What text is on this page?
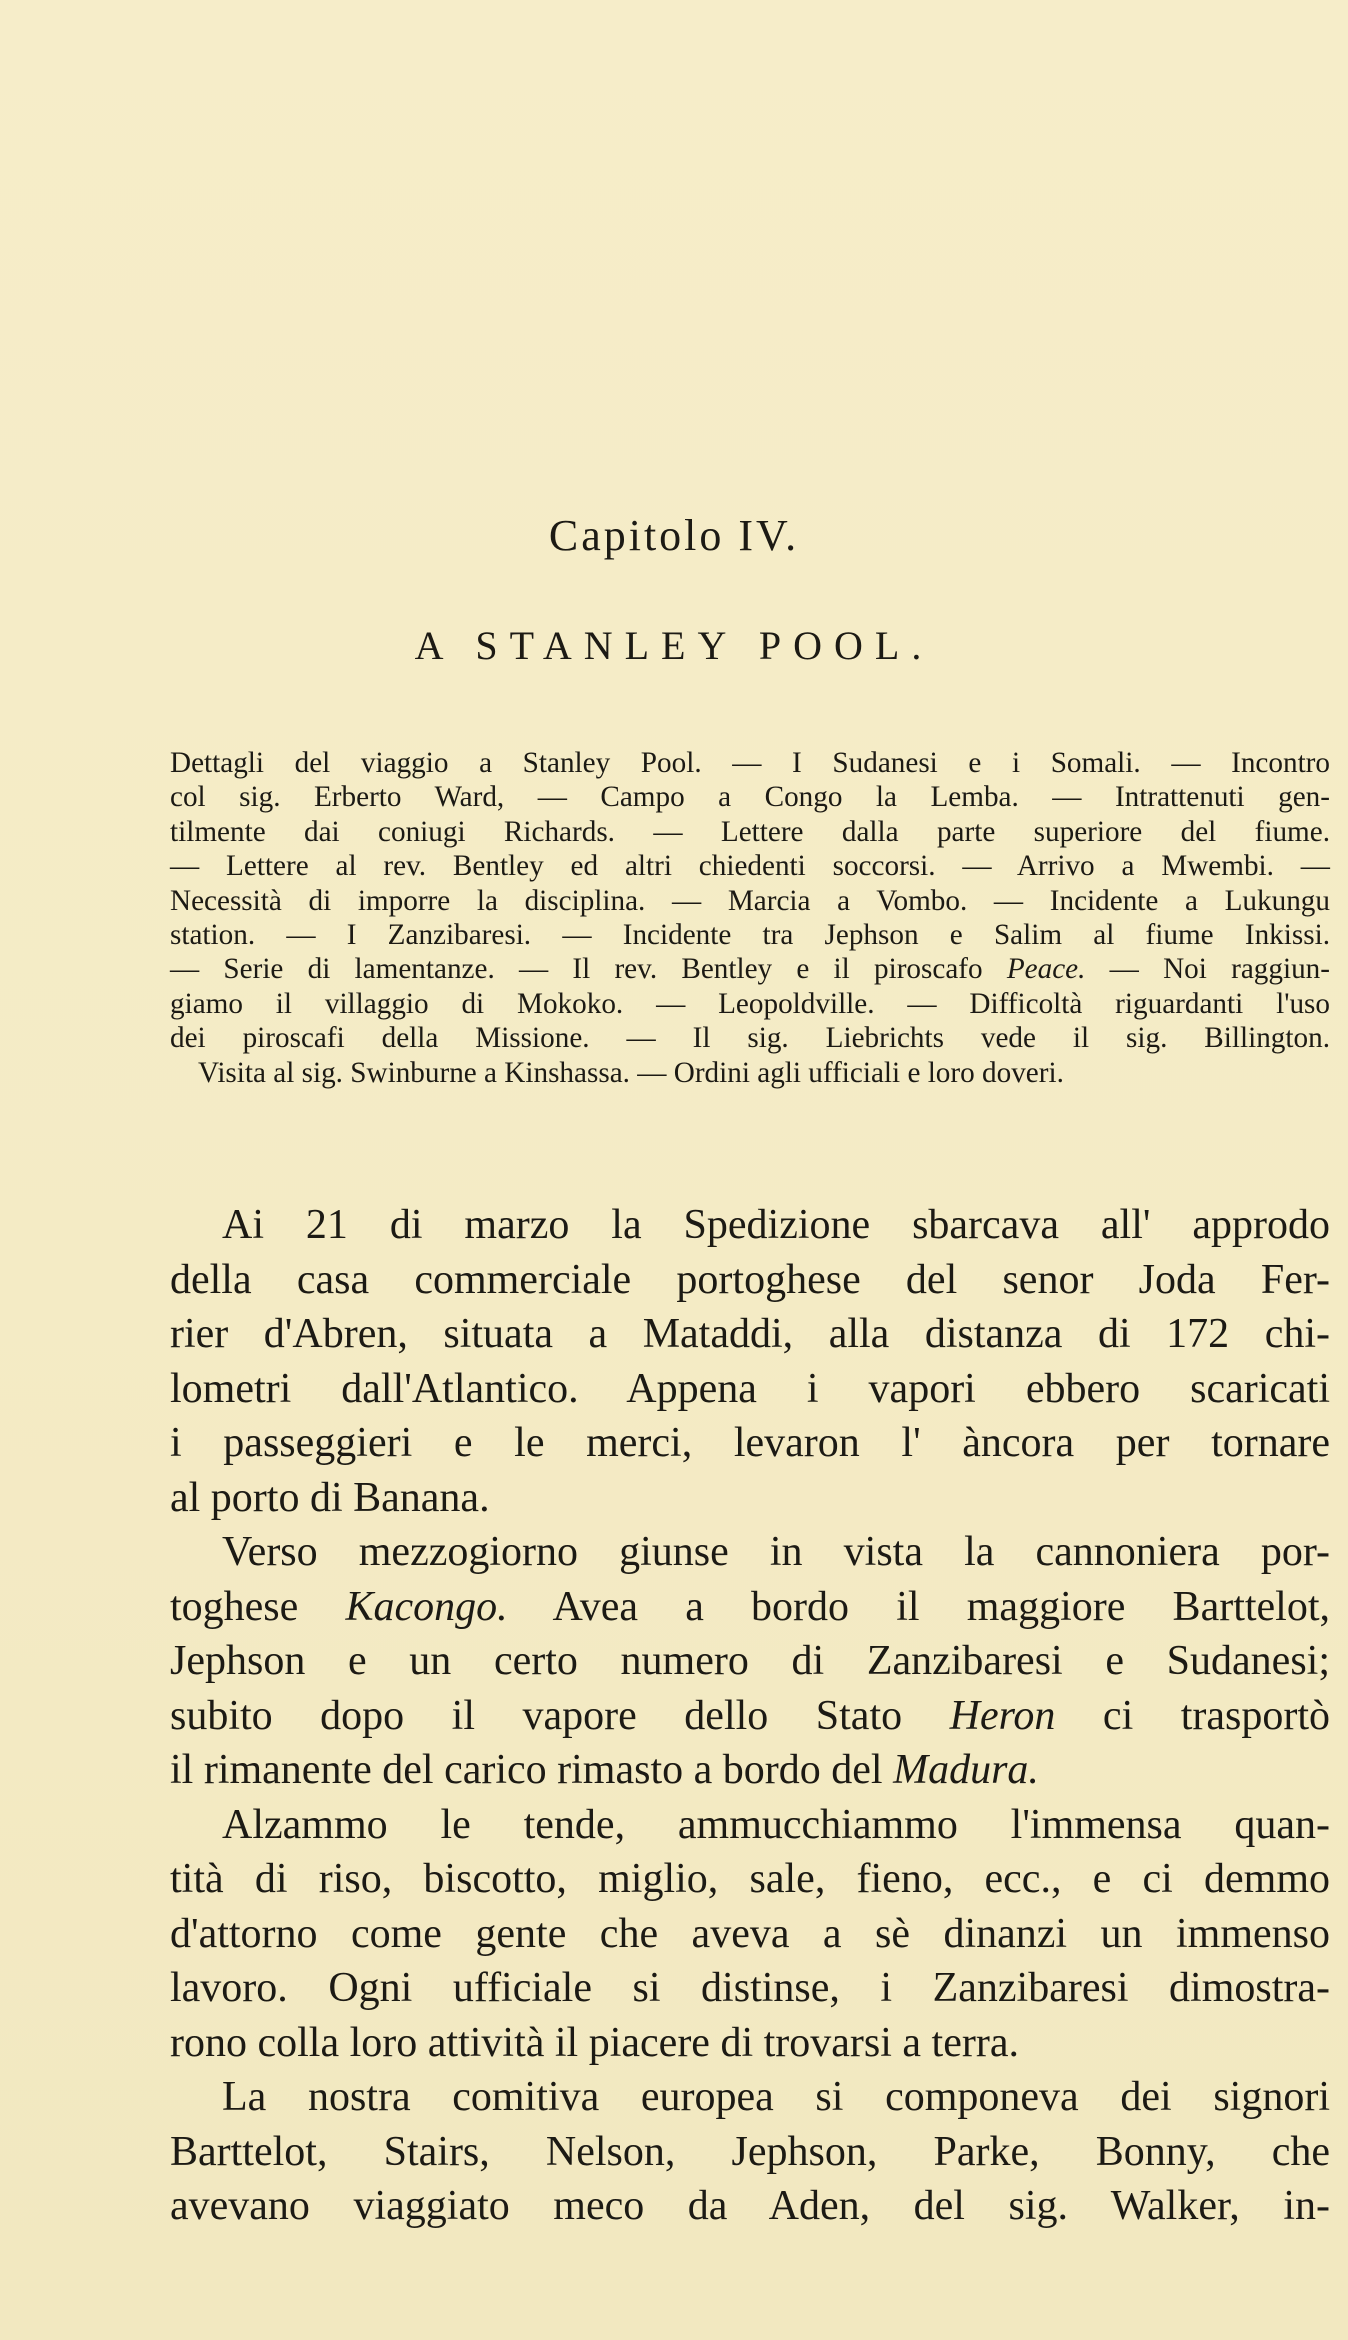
Capitolo IV.
A STANLEY POOL.
Dettagli del viaggio a Stanley Pool. — I Sudanesi e i Somali. — Incontro
col sig. Erberto Ward, — Campo a Congo la Lemba. — Intrattenuti gen-
tilmente dai coniugi Richards. — Lettere dalla parte superiore del fiume.
— Lettere al rev. Bentley ed altri chiedenti soccorsi. — Arrivo a Mwembi. —
Necessità di imporre la disciplina. — Marcia a Vombo. — Incidente a Lukungu
station. — I Zanzibaresi. — Incidente tra Jephson e Salim al fiume Inkissi.
— Serie di lamentanze. — Il rev. Bentley e il piroscafo Peace. — Noi raggiun-
giamo il villaggio di Mokoko. — Leopoldville. — Difficoltà riguardanti l'uso
dei piroscafi della Missione. — Il sig. Liebrichts vede il sig. Billington.
Visita al sig. Swinburne a Kinshassa. — Ordini agli ufficiali e loro doveri.
Ai 21 di marzo la Spedizione sbarcava all' approdo
della casa commerciale portoghese del senor Joda Fer-
rier d'Abren, situata a Mataddi, alla distanza di 172 chi-
lometri dall'Atlantico. Appena i vapori ebbero scaricati
i passeggieri e le merci, levaron l' àncora per tornare
al porto di Banana.
Verso mezzogiorno giunse in vista la cannoniera por-
toghese Kacongo. Avea a bordo il maggiore Barttelot,
Jephson e un certo numero di Zanzibaresi e Sudanesi;
subito dopo il vapore dello Stato Heron ci trasportò
il rimanente del carico rimasto a bordo del Madura.
Alzammo le tende, ammucchiammo l'immensa quan-
tità di riso, biscotto, miglio, sale, fieno, ecc., e ci demmo
d'attorno come gente che aveva a sè dinanzi un immenso
lavoro. Ogni ufficiale si distinse, i Zanzibaresi dimostra-
rono colla loro attività il piacere di trovarsi a terra.
La nostra comitiva europea si componeva dei signori
Barttelot, Stairs, Nelson, Jephson, Parke, Bonny, che
avevano viaggiato meco da Aden, del sig. Walker, in-
